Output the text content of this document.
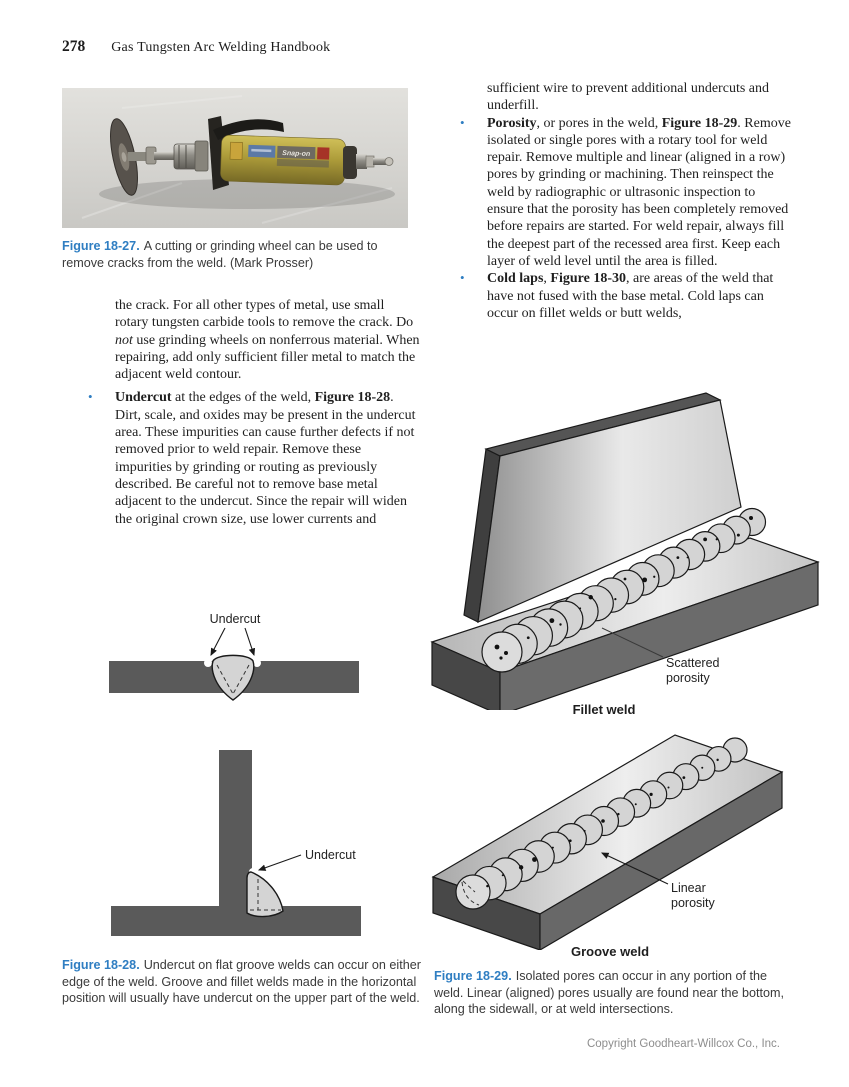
278 Gas Tungsten Arc Welding Handbook
Snap-on

Figure 18-27. A cutting or grinding wheel can be used to remove cracks from the weld. (Mark Prosser)

the crack. For all other types of metal, use small rotary tungsten carbide tools to remove the crack. Do not use grinding wheels on nonferrous material. When repairing, add only sufficient filler metal to match the adjacent weld contour.

•	Undercut at the edges of the weld, Figure 18-28. Dirt, scale, and oxides may be present in the undercut area. These impurities can cause further defects if not removed prior to weld repair. Remove these impurities by grinding or routing as previously described. Be careful not to remove base metal adjacent to the undercut. Since the repair will widen the original crown size, use lower currents and

Undercut
Undercut

Figure 18-28. Undercut on flat groove welds can occur on either edge of the weld. Groove and fillet welds made in the horizontal position will usually have undercut on the upper part of the weld.

sufficient wire to prevent additional undercuts and underfill.

•	Porosity, or pores in the weld, Figure 18-29. Remove isolated or single pores with a rotary tool for weld repair. Remove multiple and linear (aligned in a row) pores by grinding or machining. Then reinspect the weld by radiographic or ultrasonic inspection to ensure that the porosity has been completely removed before repairs are started. For weld repair, always fill the deepest part of the recessed area first. Keep each layer of weld level until the area is filled.

•	Cold laps, Figure 18-30, are areas of the weld that have not fused with the base metal. Cold laps can occur on fillet welds or butt welds,

Scattered porosity
Fillet weld
Linear porosity
Groove weld

Figure 18-29. Isolated pores can occur in any portion of the weld. Linear (aligned) pores usually are found near the bottom, along the sidewall, or at weld intersections.

Copyright Goodheart-Willcox Co., Inc.
